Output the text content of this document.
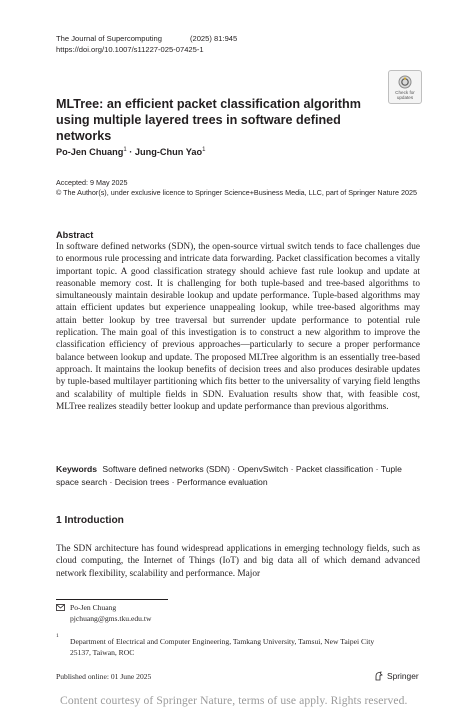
The Journal of Supercomputing	(2025) 81:945
https://doi.org/10.1007/s11227-025-07425-1
Check for
updates
MLTree: an efficient packet classification algorithm using multiple layered trees in software defined networks
Po-Jen Chuang$^1$ · Jung-Chun Yao$^1$
Accepted: 9 May 2025
© The Author(s), under exclusive licence to Springer Science+Business Media, LLC, part of Springer Nature 2025
Abstract
In software defined networks (SDN), the open-source virtual switch tends to face challenges due to enormous rule processing and intricate data forwarding. Packet classification becomes a vitally important topic. A good classification strategy should achieve fast rule lookup and update at reasonable memory cost. It is challenging for both tuple-based and tree-based algorithms to simultaneously maintain desirable lookup and update performance. Tuple-based algorithms may attain efficient updates but experience unappealing lookup, while tree-based algorithms may attain better lookup by tree traversal but surrender update performance to potential rule replication. The main goal of this investigation is to construct a new algorithm to improve the classification efficiency of previous approaches—particularly to secure a proper performance balance between lookup and update. The proposed MLTree algorithm is an essentially tree-based approach. It maintains the lookup benefits of decision trees and also produces desirable updates by tuple-based multilayer partitioning which fits better to the universality of varying field lengths and scalability of multiple fields in SDN. Evaluation results show that, with feasible cost, MLTree realizes steadily better lookup and update performance than previous algorithms.
Keywords Software defined networks (SDN) · OpenvSwitch · Packet classification · Tuple space search · Decision trees · Performance evaluation
1 Introduction
The SDN architecture has found widespread applications in emerging technology fields, such as cloud computing, the Internet of Things (IoT) and big data all of which demand advanced network flexibility, scalability and performance. Major
Po-Jen Chuang
pjchuang@gms.tku.edu.tw
1
Department of Electrical and Computer Engineering, Tamkang University, Tamsui, New Taipei City 25137, Taiwan, ROC
Published online: 01 June 2025	Springer
Content courtesy of Springer Nature, terms of use apply. Rights reserved.
